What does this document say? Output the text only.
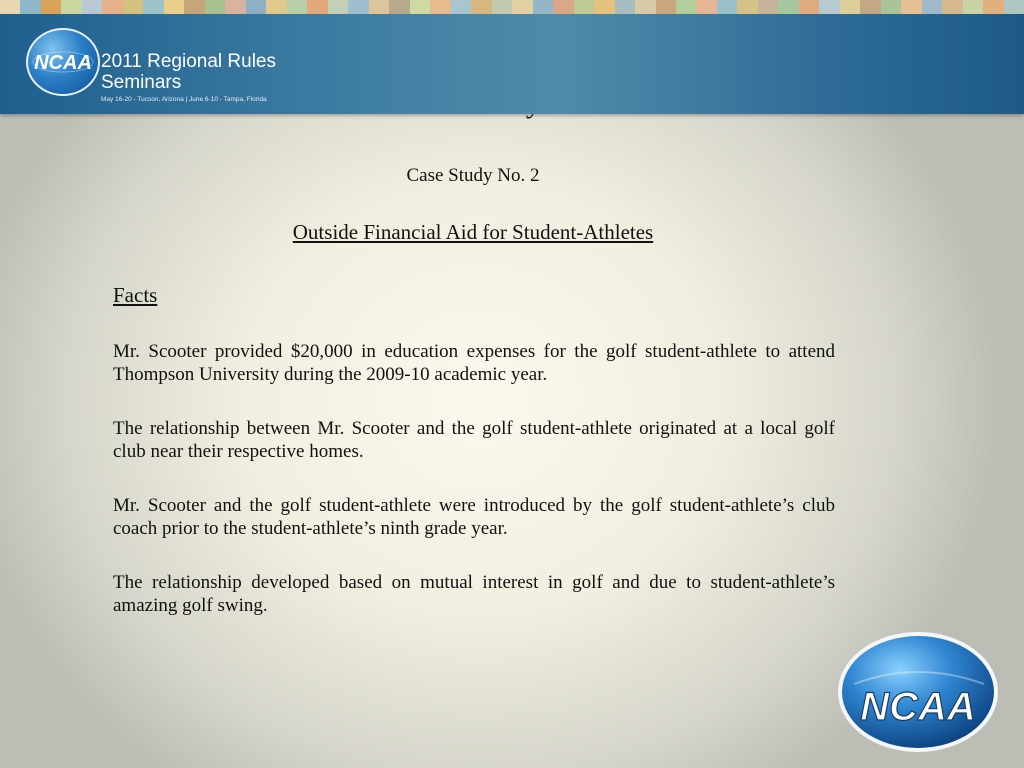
NCAA 2011 Regional Rules
Seminars
May 16-20 - Tucson, Arizona | June 6-10 - Tampa, Florida
Case Study No. 2
Outside Financial Aid for Student-Athletes
Facts

Mr. Scooter provided $20,000 in education expenses for the golf student-athlete to attend Thompson University during the 2009-10 academic year.

The relationship between Mr. Scooter and the golf student-athlete originated at a local golf club near their respective homes.

Mr. Scooter and the golf student-athlete were introduced by the golf student-athlete’s club coach prior to the student-athlete’s ninth grade year.

The relationship developed based on mutual interest in golf and due to student-athlete’s amazing golf swing.

NCAA
